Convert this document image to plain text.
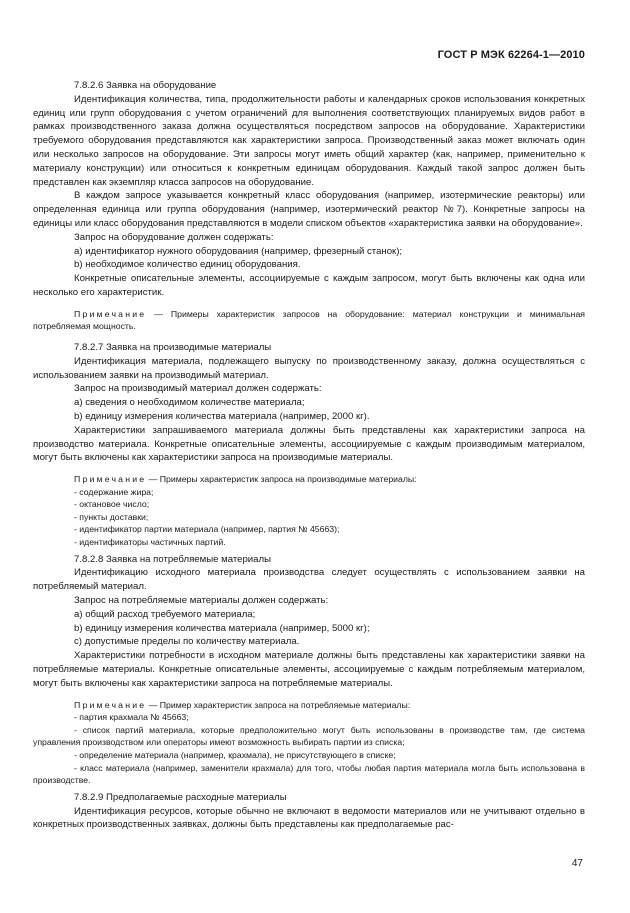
ГОСТ Р МЭК 62264-1—2010

7.8.2.6 Заявка на оборудование

Идентификация количества, типа, продолжительности работы и календарных сроков использования конкретных единиц или групп оборудования с учетом ограничений для выполнения соответствующих планируемых видов работ в рамках производственного заказа должна осуществляться посредством запросов на оборудование. Характеристики требуемого оборудования представляются как характеристики запроса. Производственный заказ может включать один или несколько запросов на оборудование. Эти запросы могут иметь общий характер (как, например, применительно к материалу конструкции) или относиться к конкретным единицам оборудования. Каждый такой запрос должен быть представлен как экземпляр класса запросов на оборудование.

В каждом запросе указывается конкретный класс оборудования (например, изотермические реакторы) или определенная единица или группа оборудования (например, изотермический реактор №7). Конкретные запросы на единицы или класс оборудования представляются в модели списком объектов «характеристика заявки на оборудование».

Запрос на оборудование должен содержать:

a) идентификатор нужного оборудования (например, фрезерный станок);

b) необходимое количество единиц оборудования.

Конкретные описательные элементы, ассоциируемые с каждым запросом, могут быть включены как одна или несколько его характеристик.

Примечание — Примеры характеристик запросов на оборудование: материал конструкции и минимальная потребляемая мощность.

7.8.2.7 Заявка на производимые материалы

Идентификация материала, подлежащего выпуску по производственному заказу, должна осуществляться с использованием заявки на производимый материал.

Запрос на производимый материал должен содержать:

a) сведения о необходимом количестве материала;

b) единицу измерения количества материала (например, 2000 кг).

Характеристики запрашиваемого материала должны быть представлены как характеристики запроса на производство материала. Конкретные описательные элементы, ассоциируемые с каждым производимым материалом, могут быть включены как характеристики запроса на производимые материалы.

Примечание — Примеры характеристик запроса на производимые материалы:

- содержание жира;

- октановое число;

- пункты доставки;

- идентификатор партии материала (например, партия № 45663);

- идентификаторы частичных партий.

7.8.2.8 Заявка на потребляемые материалы

Идентификацию исходного материала производства следует осуществлять с использованием заявки на потребляемый материал.

Запрос на потребляемые материалы должен содержать:

a) общий расход требуемого материала;

b) единицу измерения количества материала (например, 5000 кг);

c) допустимые пределы по количеству материала.

Характеристики потребности в исходном материале должны быть представлены как характеристики заявки на потребляемые материалы. Конкретные описательные элементы, ассоциируемые с каждым потребляемым материалом, могут быть включены как характеристики запроса на потребляемые материалы.

Примечание — Пример характеристик запроса на потребляемые материалы:

- партия крахмала № 45663;

- список партий материала, которые предположительно могут быть использованы в производстве там, где система управления производством или операторы имеют возможность выбирать партии из списка;

- определение материала (например, крахмала), не присутствующего в списке;

- класс материала (например, заменители крахмала) для того, чтобы любая партия материала могла быть использована в производстве.

7.8.2.9 Предполагаемые расходные материалы

Идентификация ресурсов, которые обычно не включают в ведомости материалов или не учитывают отдельно в конкретных производственных заявках, должны быть представлены как предполагаемые рас-

47
